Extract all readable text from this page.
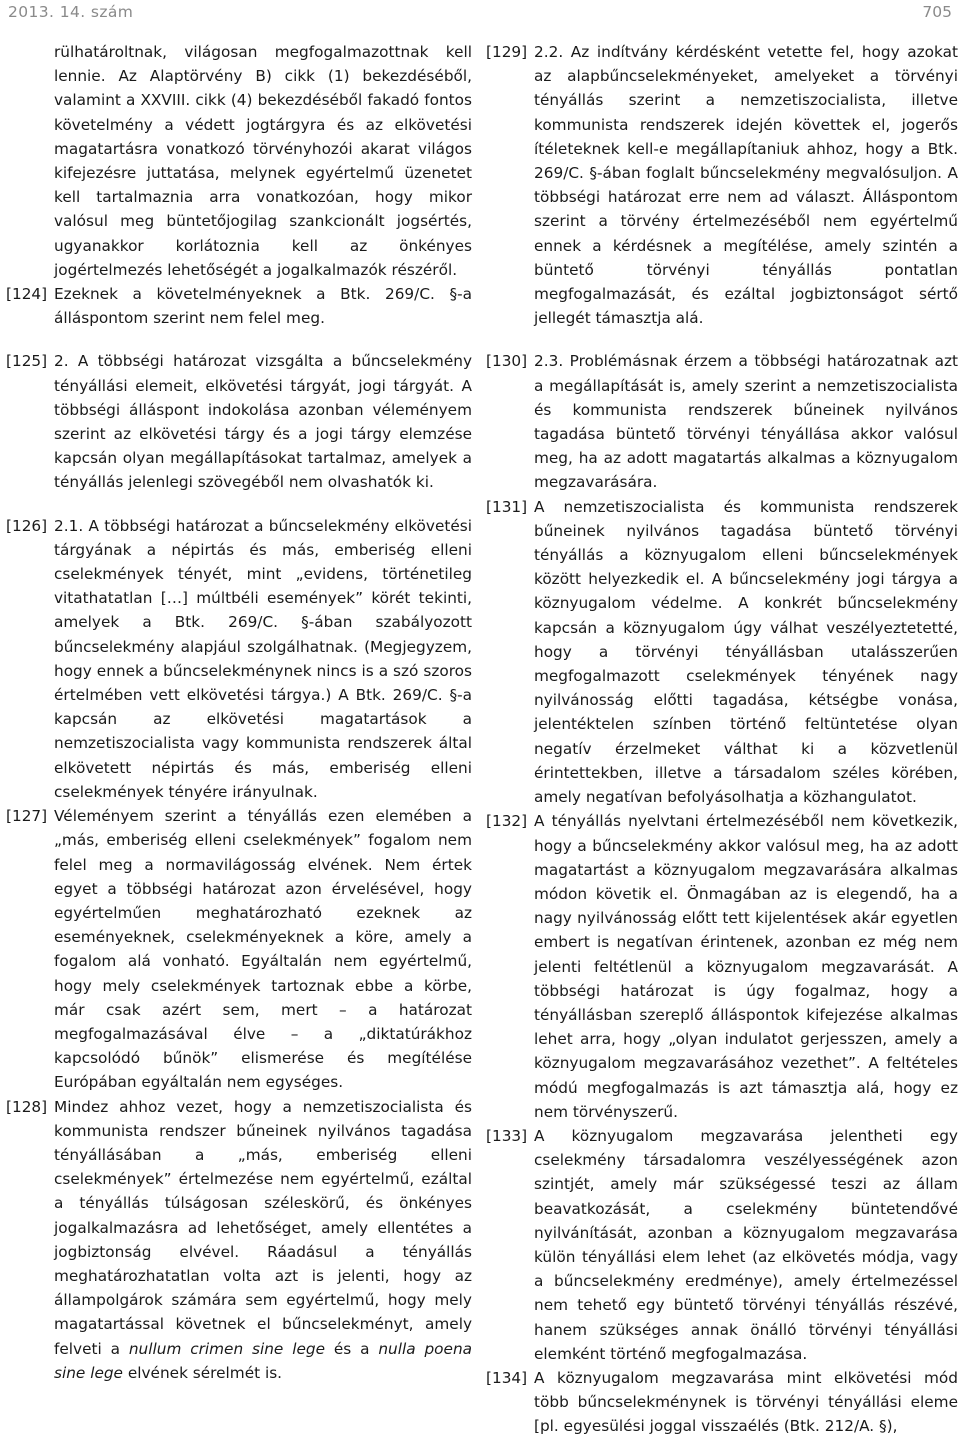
2013. 14. szám	705

rülhatároltnak, világosan megfogalmazottnak kell lennie. Az Alaptörvény B) cikk (1) bekezdéséből, valamint a XXVIII. cikk (4) bekezdéséből fakadó fontos követelmény a védett jogtárgyra és az elkövetési magatartásra vonatkozó törvényhozói akarat világos kifejezésre juttatása, melynek egyértelmű üzenetet kell tartalmaznia arra vonatkozóan, hogy mikor valósul meg büntetőjogilag szankcionált jogsértés, ugyanakkor korlátoznia kell az önkényes jogértelmezés lehetőségét a jogalkalmazók részéről.

[124] Ezeknek a követelményeknek a Btk. 269/C. §-a álláspontom szerint nem felel meg.

[125] 2. A többségi határozat vizsgálta a bűncselekmény tényállási elemeit, elkövetési tárgyát, jogi tárgyát. A többségi álláspont indokolása azonban véleményem szerint az elkövetési tárgy és a jogi tárgy elemzése kapcsán olyan megállapításokat tartalmaz, amelyek a tényállás jelenlegi szövegéből nem olvashatók ki.

[126] 2.1. A többségi határozat a bűncselekmény elkövetési tárgyának a népirtás és más, emberiség elleni cselekmények tényét, mint „evidens, történetileg vitathatatlan […] múltbéli események” körét tekinti, amelyek a Btk. 269/C. §-ában szabályozott bűncselekmény alapjául szolgálhatnak. (Megjegyzem, hogy ennek a bűncselekménynek nincs is a szó szoros értelmében vett elkövetési tárgya.) A Btk. 269/C. §-a kapcsán az elkövetési magatartások a nemzetiszocialista vagy kommunista rendszerek által elkövetett népirtás és más, emberiség elleni cselekmények tényére irányulnak.

[127] Véleményem szerint a tényállás ezen elemében a „más, emberiség elleni cselekmények” fogalom nem felel meg a normavilágosság elvének. Nem értek egyet a többségi határozat azon érvelésével, hogy egyértelműen meghatározható ezeknek az eseményeknek, cselekményeknek a köre, amely a fogalom alá vonható. Egyáltalán nem egyértelmű, hogy mely cselekmények tartoznak ebbe a körbe, már csak azért sem, mert – a határozat megfogalmazásával élve – a „diktatúrákhoz kapcsolódó bűnök” elismerése és megítélése Európában egyáltalán nem egységes.

[128] Mindez ahhoz vezet, hogy a nemzetiszocialista és kommunista rendszer bűneinek nyilvános tagadása tényállásában a „más, emberiség elleni cselekmények” értelmezése nem egyértelmű, ezáltal a tényállás túlságosan széleskörű, és önkényes jogalkalmazásra ad lehetőséget, amely ellentétes a jogbiztonság elvével. Ráadásul a tényállás meghatározhatatlan volta azt is jelenti, hogy az állampolgárok számára sem egyértelmű, hogy mely magatartással követnek el bűncselekményt, amely felveti a nullum crimen sine lege és a nulla poena sine lege elvének sérelmét is.

[129] 2.2. Az indítvány kérdésként vetette fel, hogy azokat az alapbűncselekményeket, amelyeket a törvényi tényállás szerint a nemzetiszocialista, illetve kommunista rendszerek idején követtek el, jogerős ítéleteknek kell-e megállapítaniuk ahhoz, hogy a Btk. 269/C. §-ában foglalt bűncselekmény megvalósuljon. A többségi határozat erre nem ad választ. Álláspontom szerint a törvény értelmezéséből nem egyértelmű ennek a kérdésnek a megítélése, amely szintén a büntető törvényi tényállás pontatlan megfogalmazását, és ezáltal jogbiztonságot sértő jellegét támasztja alá.

[130] 2.3. Problémásnak érzem a többségi határozatnak azt a megállapítását is, amely szerint a nemzetiszocialista és kommunista rendszerek bűneinek nyilvános tagadása büntető törvényi tényállása akkor valósul meg, ha az adott magatartás alkalmas a köznyugalom megzavarására.

[131] A nemzetiszocialista és kommunista rendszerek bűneinek nyilvános tagadása büntető törvényi tényállás a köznyugalom elleni bűncselekmények között helyezkedik el. A bűncselekmény jogi tárgya a köznyugalom védelme. A konkrét bűncselekmény kapcsán a köznyugalom úgy válhat veszélyeztetetté, hogy a törvényi tényállásban utalásszerűen megfogalmazott cselekmények tényének nagy nyilvánosság előtti tagadása, kétségbe vonása, jelentéktelen színben történő feltüntetése olyan negatív érzelmeket válthat ki a közvetlenül érintettekben, illetve a társadalom széles körében, amely negatívan befolyásolhatja a közhangulatot.

[132] A tényállás nyelvtani értelmezéséből nem következik, hogy a bűncselekmény akkor valósul meg, ha az adott magatartást a köznyugalom megzavarására alkalmas módon követik el. Önmagában az is elegendő, ha a nagy nyilvánosság előtt tett kijelentések akár egyetlen embert is negatívan érintenek, azonban ez még nem jelenti feltétlenül a köznyugalom megzavarását. A többségi határozat is úgy fogalmaz, hogy a tényállásban szereplő álláspontok kifejezése alkalmas lehet arra, hogy „olyan indulatot gerjesszen, amely a köznyugalom megzavarásához vezethet”. A feltételes módú megfogalmazás is azt támasztja alá, hogy ez nem törvényszerű.

[133] A köznyugalom megzavarása jelentheti egy cselekmény társadalomra veszélyességének azon szintjét, amely már szükségessé teszi az állam beavatkozását, a cselekmény büntetendővé nyilvánítását, azonban a köznyugalom megzavarása külön tényállási elem lehet (az elkövetés módja, vagy a bűncselekmény eredménye), amely értelmezéssel nem tehető egy büntető törvényi tényállás részévé, hanem szükséges annak önálló törvényi tényállási elemként történő megfogalmazása.

[134] A köznyugalom megzavarása mint elkövetési mód több bűncselekménynek is törvényi tényállási eleme [pl. egyesülési joggal visszaélés (Btk. 212/A. §),
